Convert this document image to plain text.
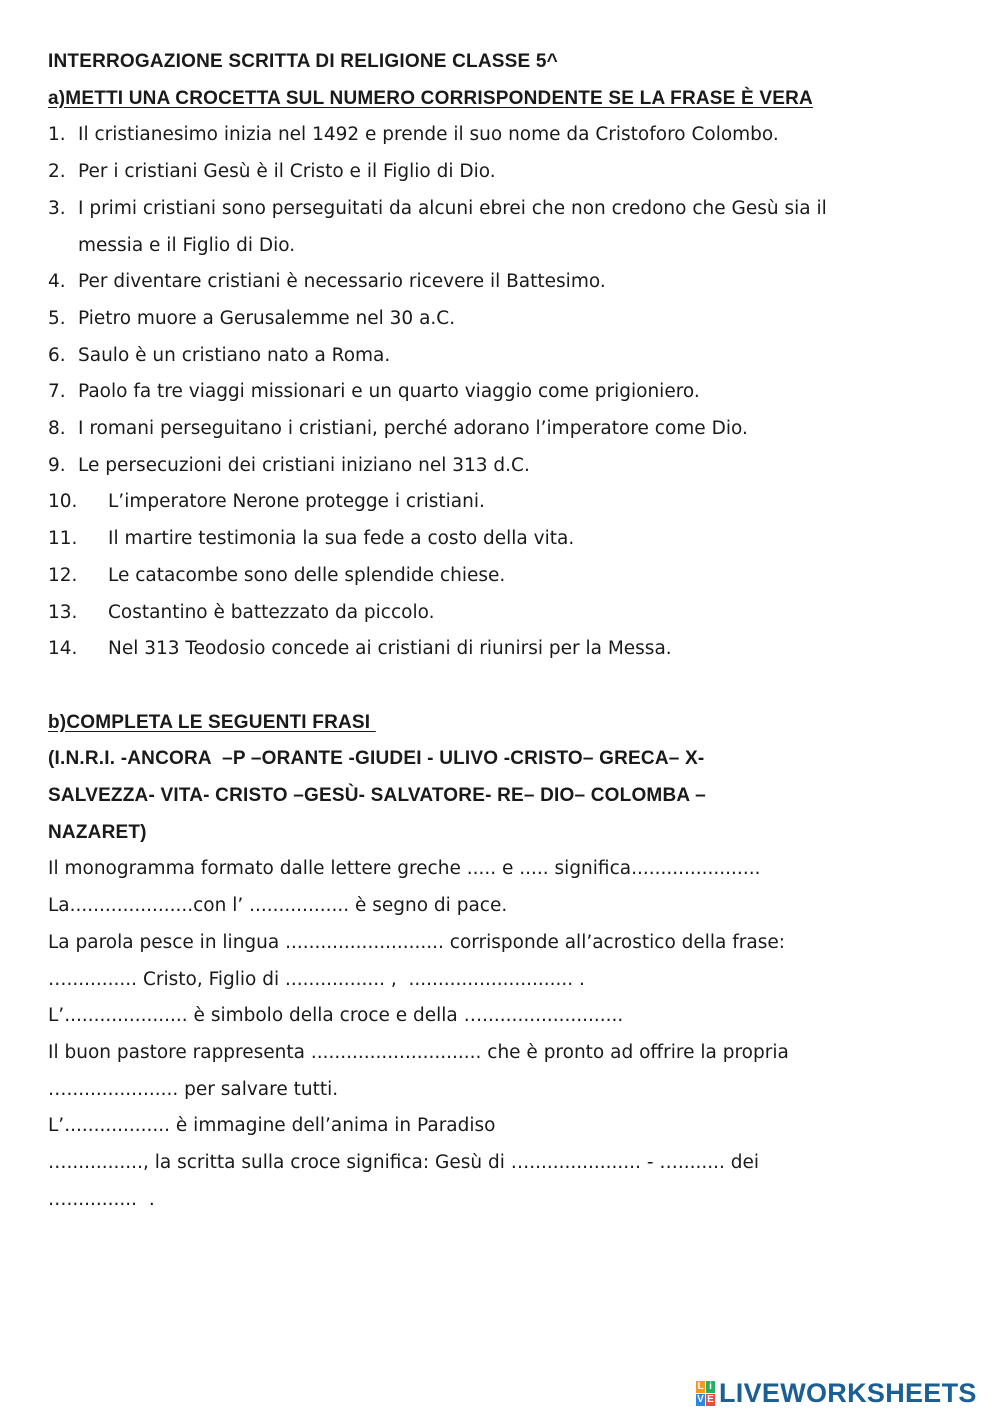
INTERROGAZIONE SCRITTA DI RELIGIONE CLASSE 5^
a)METTI UNA CROCETTA SUL NUMERO CORRISPONDENTE SE LA FRASE È VERA
1. Il cristianesimo inizia nel 1492 e prende il suo nome da Cristoforo Colombo.
2. Per i cristiani Gesù è il Cristo e il Figlio di Dio.
3. I primi cristiani sono perseguitati da alcuni ebrei che non credono che Gesù sia il
messia e il Figlio di Dio.
4. Per diventare cristiani è necessario ricevere il Battesimo.
5. Pietro muore a Gerusalemme nel 30 a.C.
6. Saulo è un cristiano nato a Roma.
7. Paolo fa tre viaggi missionari e un quarto viaggio come prigioniero.
8. I romani perseguitano i cristiani, perché adorano l’imperatore come Dio.
9. Le persecuzioni dei cristiani iniziano nel 313 d.C.
10.	L’imperatore Nerone protegge i cristiani.
11.	Il martire testimonia la sua fede a costo della vita.
12.	Le catacombe sono delle splendide chiese.
13.	Costantino è battezzato da piccolo.
14.	Nel 313 Teodosio concede ai cristiani di riunirsi per la Messa.
b)COMPLETA LE SEGUENTI FRASI
(I.N.R.I. -ANCORA  –P –ORANTE -GIUDEI - ULIVO -CRISTO– GRECA– X-
SALVEZZA- VITA- CRISTO –GESÙ- SALVATORE- RE– DIO– COLOMBA –
NAZARET)
Il monogramma formato dalle lettere greche ..... e ..... significa......................
La.....................con l’ ................. è segno di pace.
La parola pesce in lingua ........................... corrisponde all’acrostico della frase:
…............ Cristo, Figlio di ................. ,  ............................ .
L’..................... è simbolo della croce e della …........................
Il buon pastore rappresenta ............................. che è pronto ad offrire la propria
…................... per salvare tutti.
L’.................. è immagine dell’anima in Paradiso
…............., la scritta sulla croce significa: Gesù di …................... - …........ dei
…............  .
L i
V E LIVEWORKSHEETS
